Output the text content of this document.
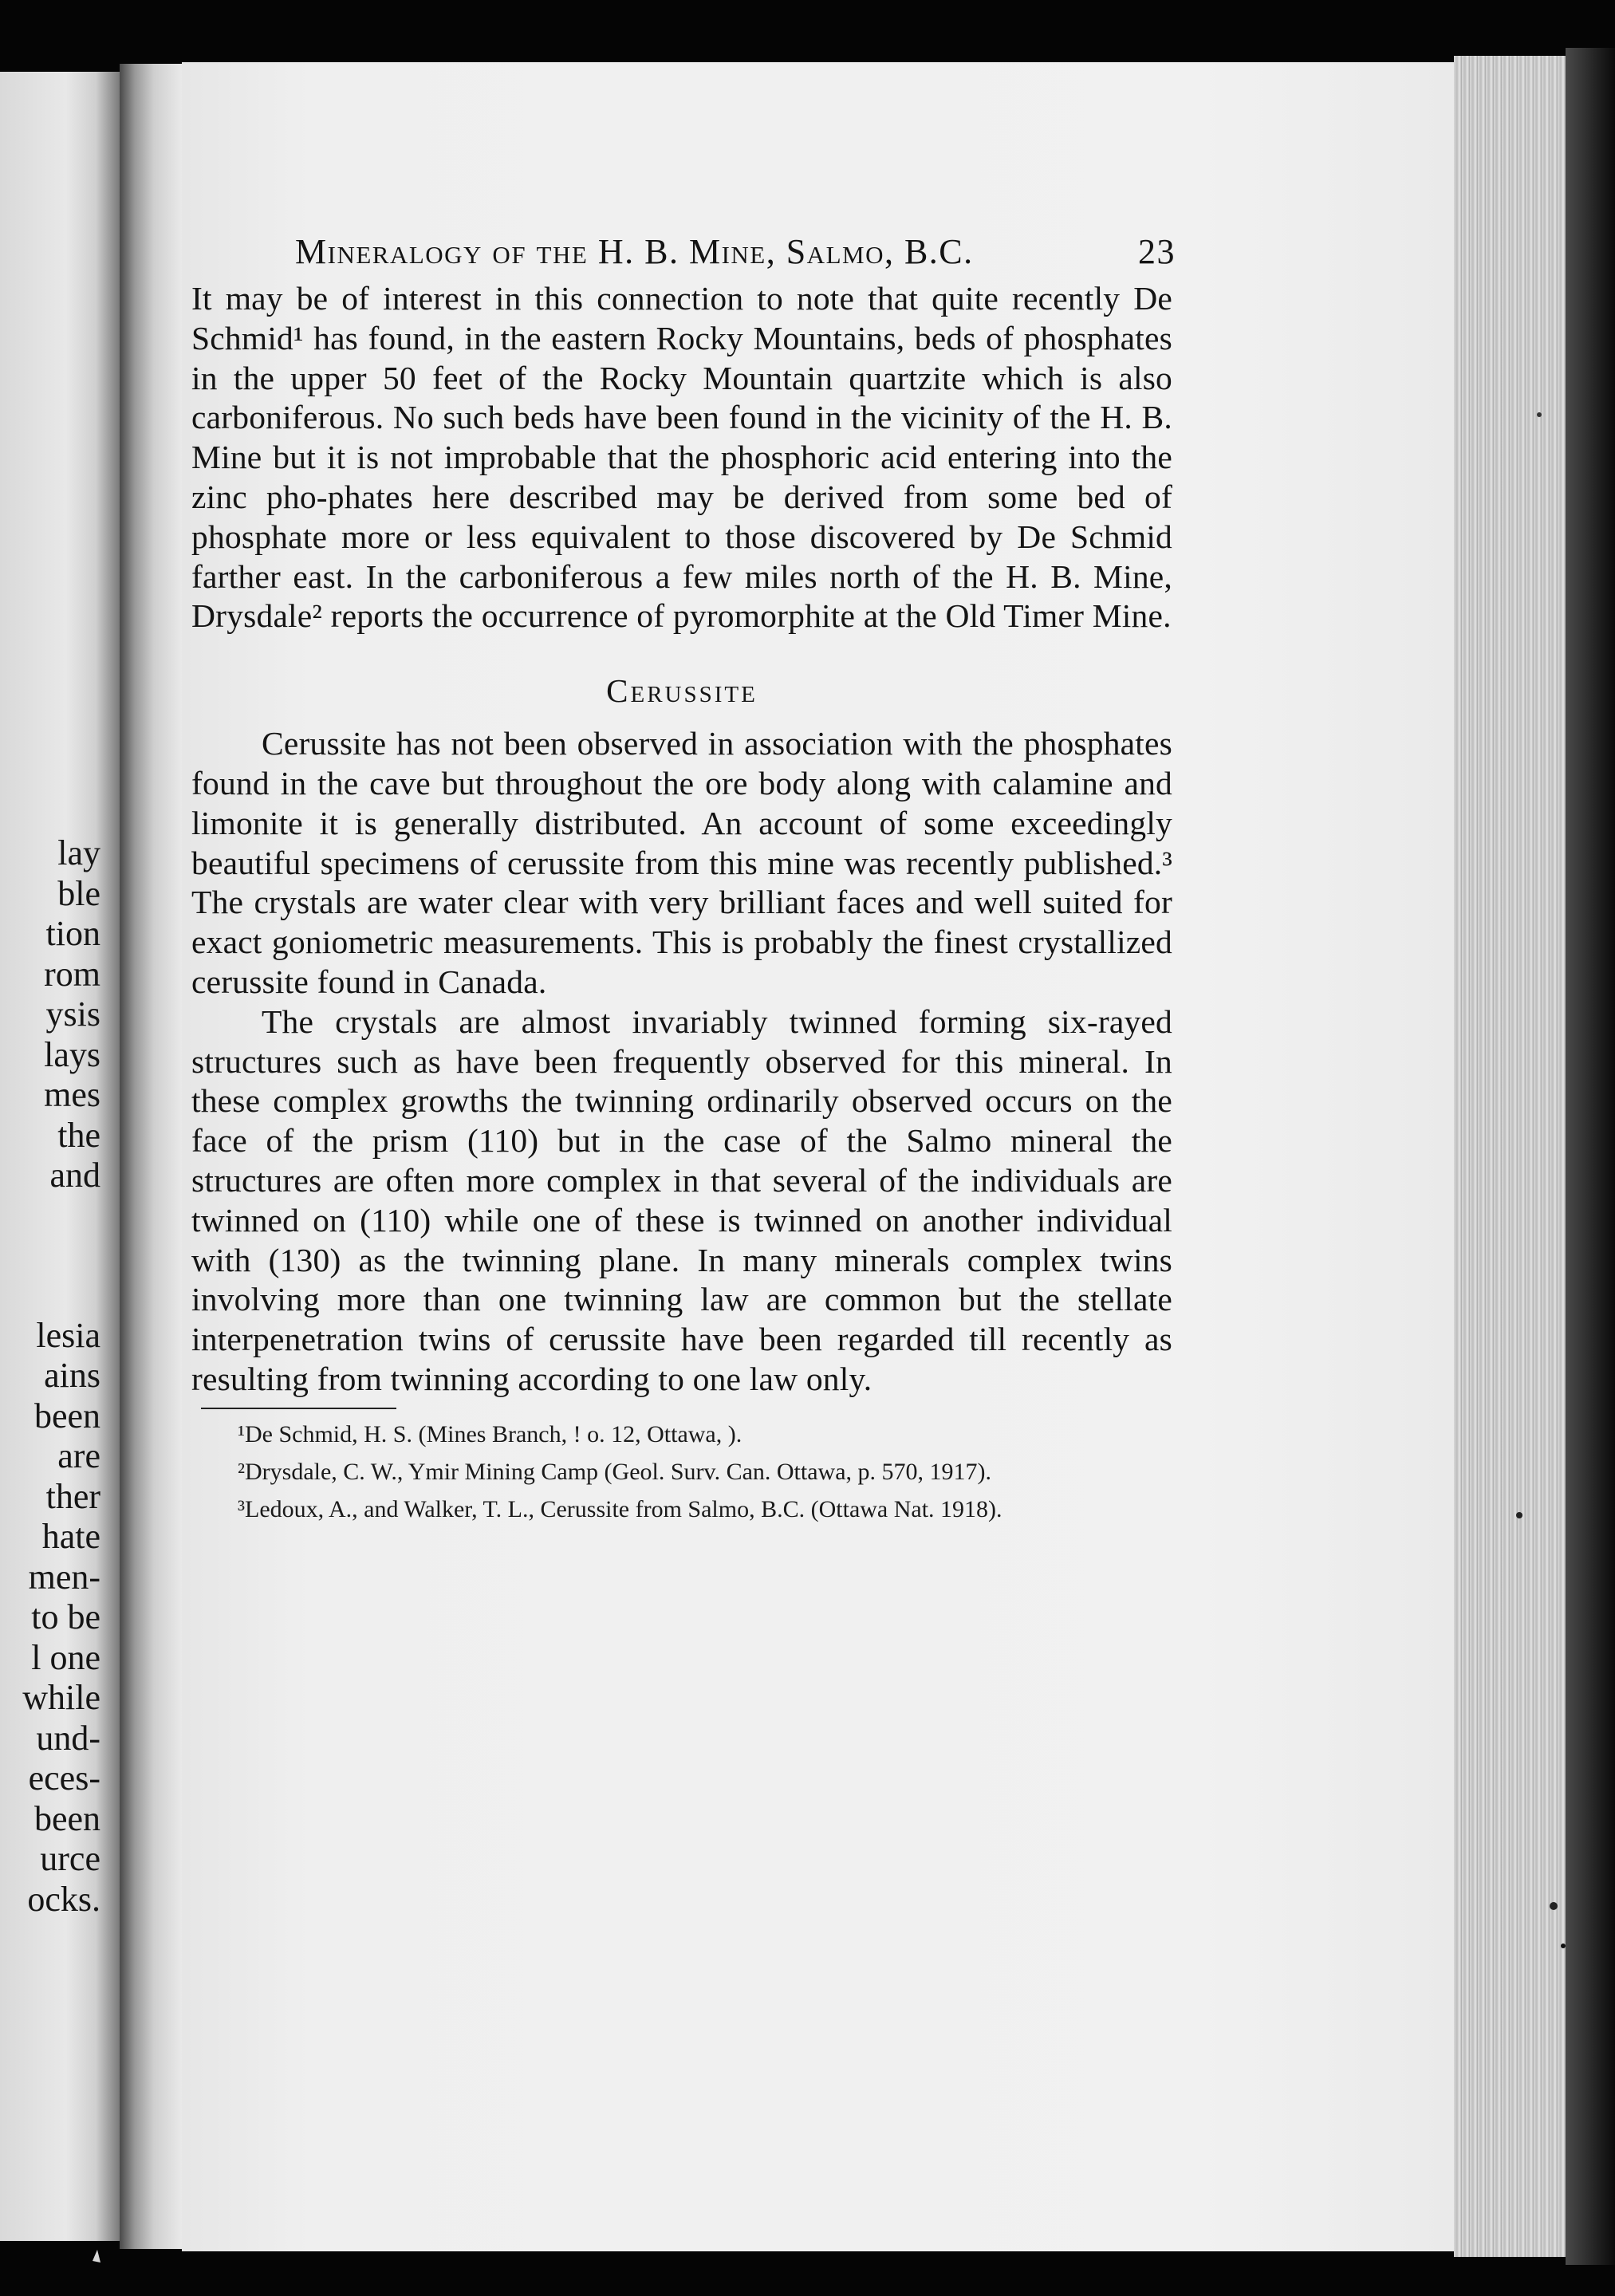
lay
ble
tion
rom
ysis
lays
mes
the
and
lesia
ains
been
are
ther
hate
men-
to be
l one
while
und-
eces-
been
urce
ocks.
Mineralogy of the H. B. Mine, Salmo, B.C.	23

It may be of interest in this connection to note that quite recently De Schmid¹ has found, in the eastern Rocky Mountains, beds of phosphates in the upper 50 feet of the Rocky Mountain quartzite which is also carboniferous. No such beds have been found in the vicinity of the H. B. Mine but it is not improbable that the phosphoric acid entering into the zinc pho-phates here described may be derived from some bed of phosphate more or less equivalent to those discovered by De Schmid farther east. In the carboniferous a few miles north of the H. B. Mine, Drysdale² reports the occurrence of pyromorphite at the Old Timer Mine.

Cerussite

Cerussite has not been observed in association with the phosphates found in the cave but throughout the ore body along with calamine and limonite it is generally distributed. An account of some exceedingly beautiful specimens of cerussite from this mine was recently published.³ The crystals are water clear with very brilliant faces and well suited for exact goniometric measurements. This is probably the finest crystallized cerussite found in Canada.

The crystals are almost invariably twinned forming six-rayed structures such as have been frequently observed for this mineral. In these complex growths the twinning ordinarily observed occurs on the face of the prism (110) but in the case of the Salmo mineral the structures are often more complex in that several of the individuals are twinned on (110) while one of these is twinned on another individual with (130) as the twinning plane. In many minerals complex twins involving more than one twinning law are common but the stellate interpenetration twins of cerussite have been regarded till recently as resulting from twinning according to one law only.

¹De Schmid, H. S. (Mines Branch, ! o. 12, Ottawa, ).

²Drysdale, C. W., Ymir Mining Camp (Geol. Surv. Can. Ottawa, p. 570, 1917).

³Ledoux, A., and Walker, T. L., Cerussite from Salmo, B.C. (Ottawa Nat. 1918).
